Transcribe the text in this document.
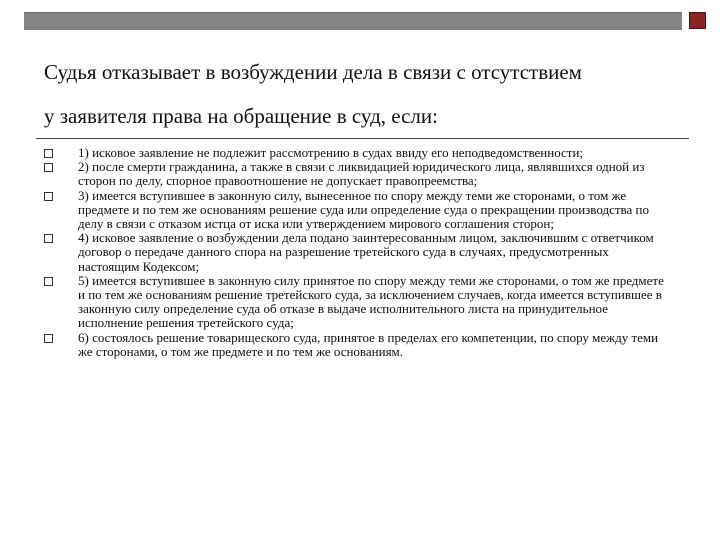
Судья отказывает в возбуждении дела в связи с отсутствием
у заявителя права на обращение в суд, если:
1) исковое заявление не подлежит рассмотрению в судах ввиду его неподведомственности;
2) после смерти гражданина, а также в связи с ликвидацией юридического лица, являвшихся одной из сторон по делу, спорное правоотношение не допускает правопреемства;
3) имеется вступившее в законную силу, вынесенное по спору между теми же сторонами, о том же предмете и по тем же основаниям решение суда или определение суда о прекращении производства по делу в связи с отказом истца от иска или утверждением мирового соглашения сторон;
4) исковое заявление о возбуждении дела подано заинтересованным лицом, заключившим с ответчиком договор о передаче данного спора на разрешение третейского суда в случаях, предусмотренных настоящим Кодексом;
5) имеется вступившее в законную силу принятое по спору между теми же сторонами, о том же предмете и по тем же основаниям решение третейского суда, за исключением случаев, когда имеется вступившее в законную силу определение суда об отказе в выдаче исполнительного листа на принудительное исполнение решения третейского суда;
6) состоялось решение товарищеского суда, принятое в пределах его компетенции, по спору между теми же сторонами, о том же предмете и по тем же основаниям.
